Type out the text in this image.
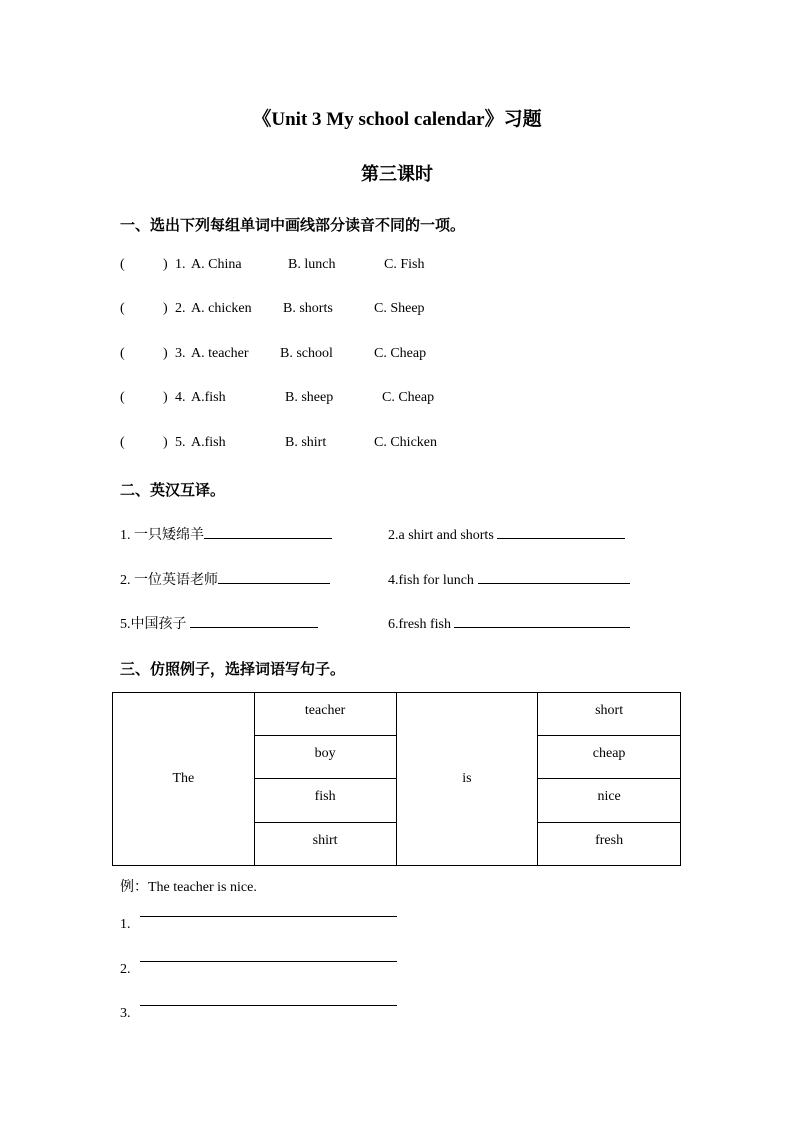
《Unit 3 My school calendar》习题
第三课时
一、选出下列每组单词中画线部分读音不同的一项。
(	) 1. A. China	B. lunch	C. Fish
(	) 2. A. chicken B. shorts	C. Sheep
(	) 3. A. teacher B. school	C. Cheap
(	) 4. A.fish	B. sheep	C. Cheap
(	) 5. A.fish	B. shirt	C. Chicken
二、英汉互译。
1. 一只矮绵羊	2.a shirt and shorts
2. 一位英语老师	4.fish for lunch
5.中国孩子	6.fresh fish
三、仿照例子，选择词语写句子。
The	teacher	is	short
	boy		cheap
	fish		nice
	shirt		fresh
例：The teacher is nice.
1.
2.
3.
